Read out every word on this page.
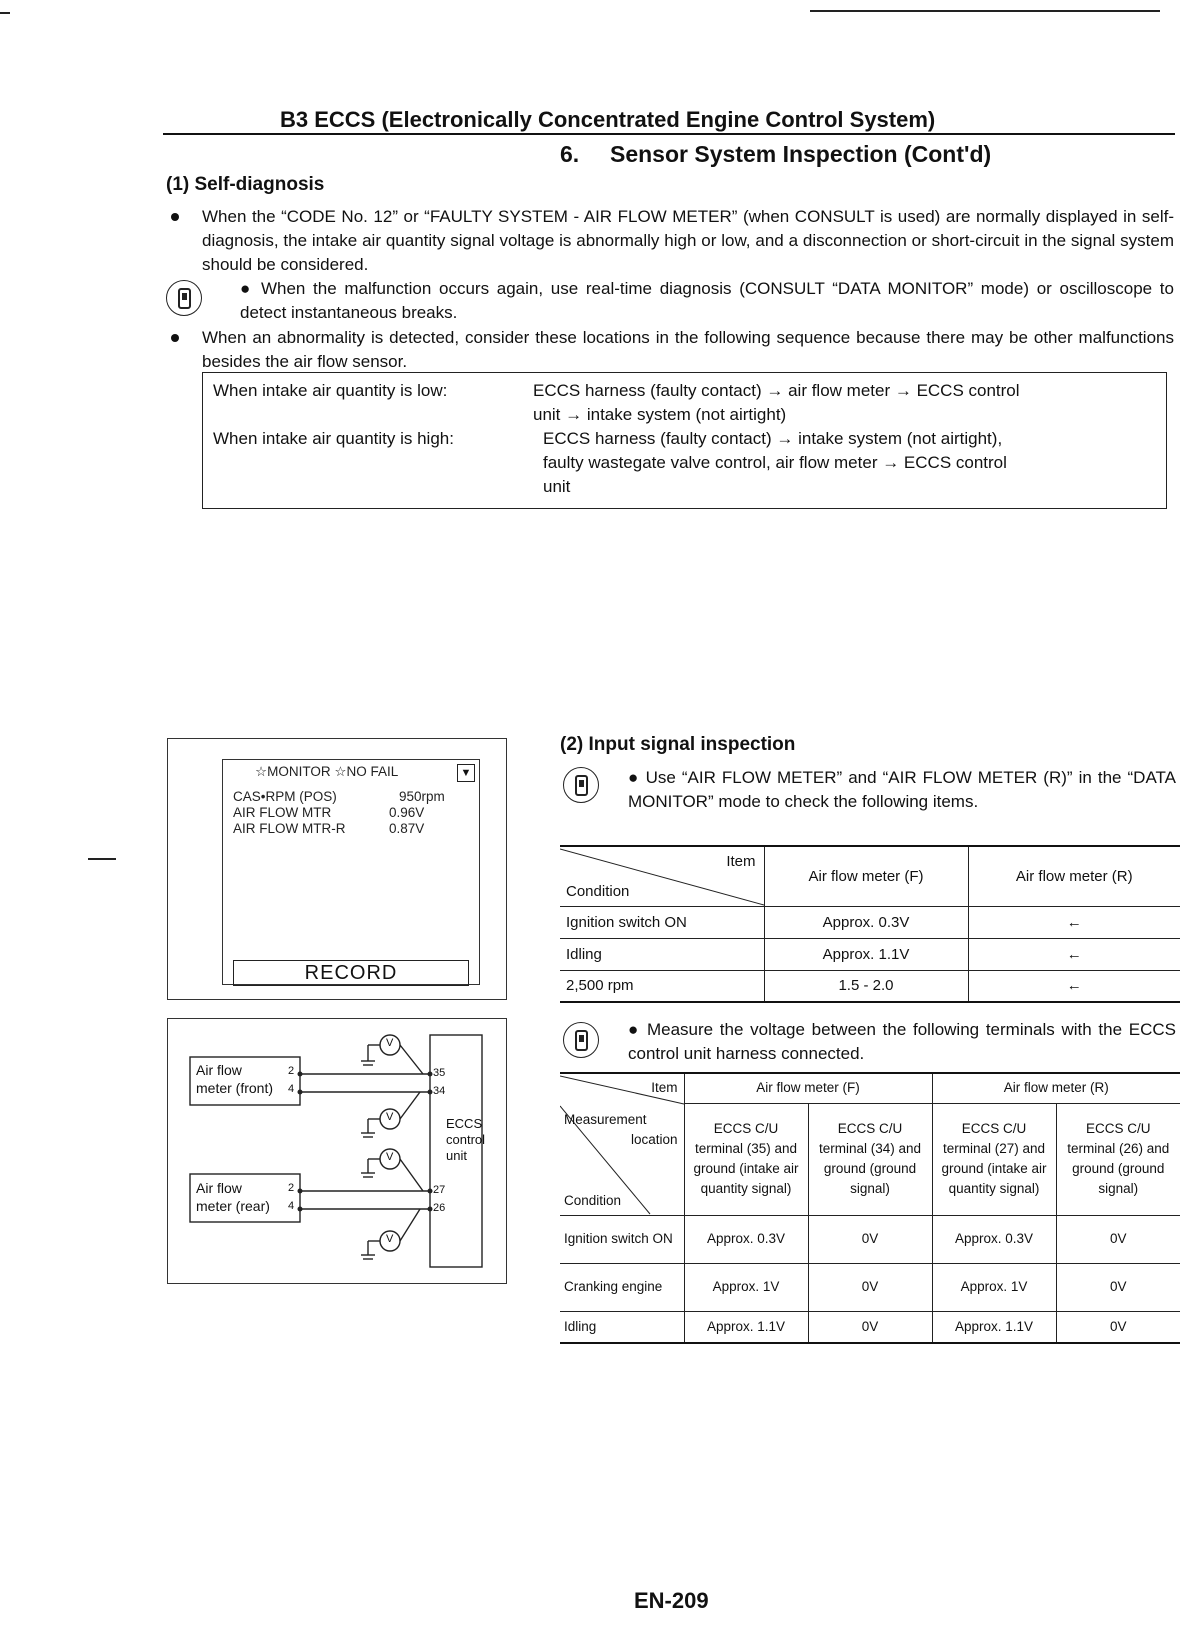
B3 ECCS (Electronically Concentrated Engine Control System)
6. Sensor System Inspection (Cont'd)
(1) Self-diagnosis
When the “CODE No. 12” or “FAULTY SYSTEM - AIR FLOW METER” (when CONSULT is used) are normally displayed in self-diagnosis, the intake air quantity signal voltage is abnormally high or low, and a disconnection or short-circuit in the signal system should be considered.
● When the malfunction occurs again, use real-time diagnosis (CONSULT “DATA MONITOR” mode) or oscilloscope to detect instantaneous breaks.
When an abnormality is detected, consider these locations in the following sequence because there may be other malfunctions besides the air flow sensor.
When intake air quantity is low:	ECCS harness (faulty contact) → air flow meter → ECCS control
unit → intake system (not airtight)
When intake air quantity is high:	ECCS harness (faulty contact) → intake system (not airtight),
faulty wastegate valve control, air flow meter → ECCS control
unit
☆MONITOR ☆NO FAIL	▼
CAS•RPM (POS)	950rpm
AIR FLOW MTR	0.96V
AIR FLOW MTR-R	0.87V
RECORD
Air flow
meter (front)
Air flow
meter (rear)
2
4
2
4
35
34
27
26
ECCS
control
unit
V
V
V
V
(2) Input signal inspection
● Use “AIR FLOW METER” and “AIR FLOW METER (R)” in the “DATA MONITOR” mode to check the following items.
Item
Condition	Air flow meter (F)	Air flow meter (R)
Ignition switch ON	Approx. 0.3V	←
Idling	Approx. 1.1V	←
2,500 rpm	1.5 - 2.0	←
● Measure the voltage between the following terminals with the ECCS control unit harness connected.
Item
Measurement
location
Condition	Air flow meter (F)		Air flow meter (R)	
	ECCS C/U terminal (35) and ground (intake air quantity signal)	ECCS C/U terminal (34) and ground (ground signal)	ECCS C/U terminal (27) and ground (intake air quantity signal)	ECCS C/U terminal (26) and ground (ground signal)
Ignition switch ON	Approx. 0.3V	0V	Approx. 0.3V	0V
Cranking engine	Approx. 1V	0V	Approx. 1V	0V
Idling	Approx. 1.1V	0V	Approx. 1.1V	0V
EN-209
